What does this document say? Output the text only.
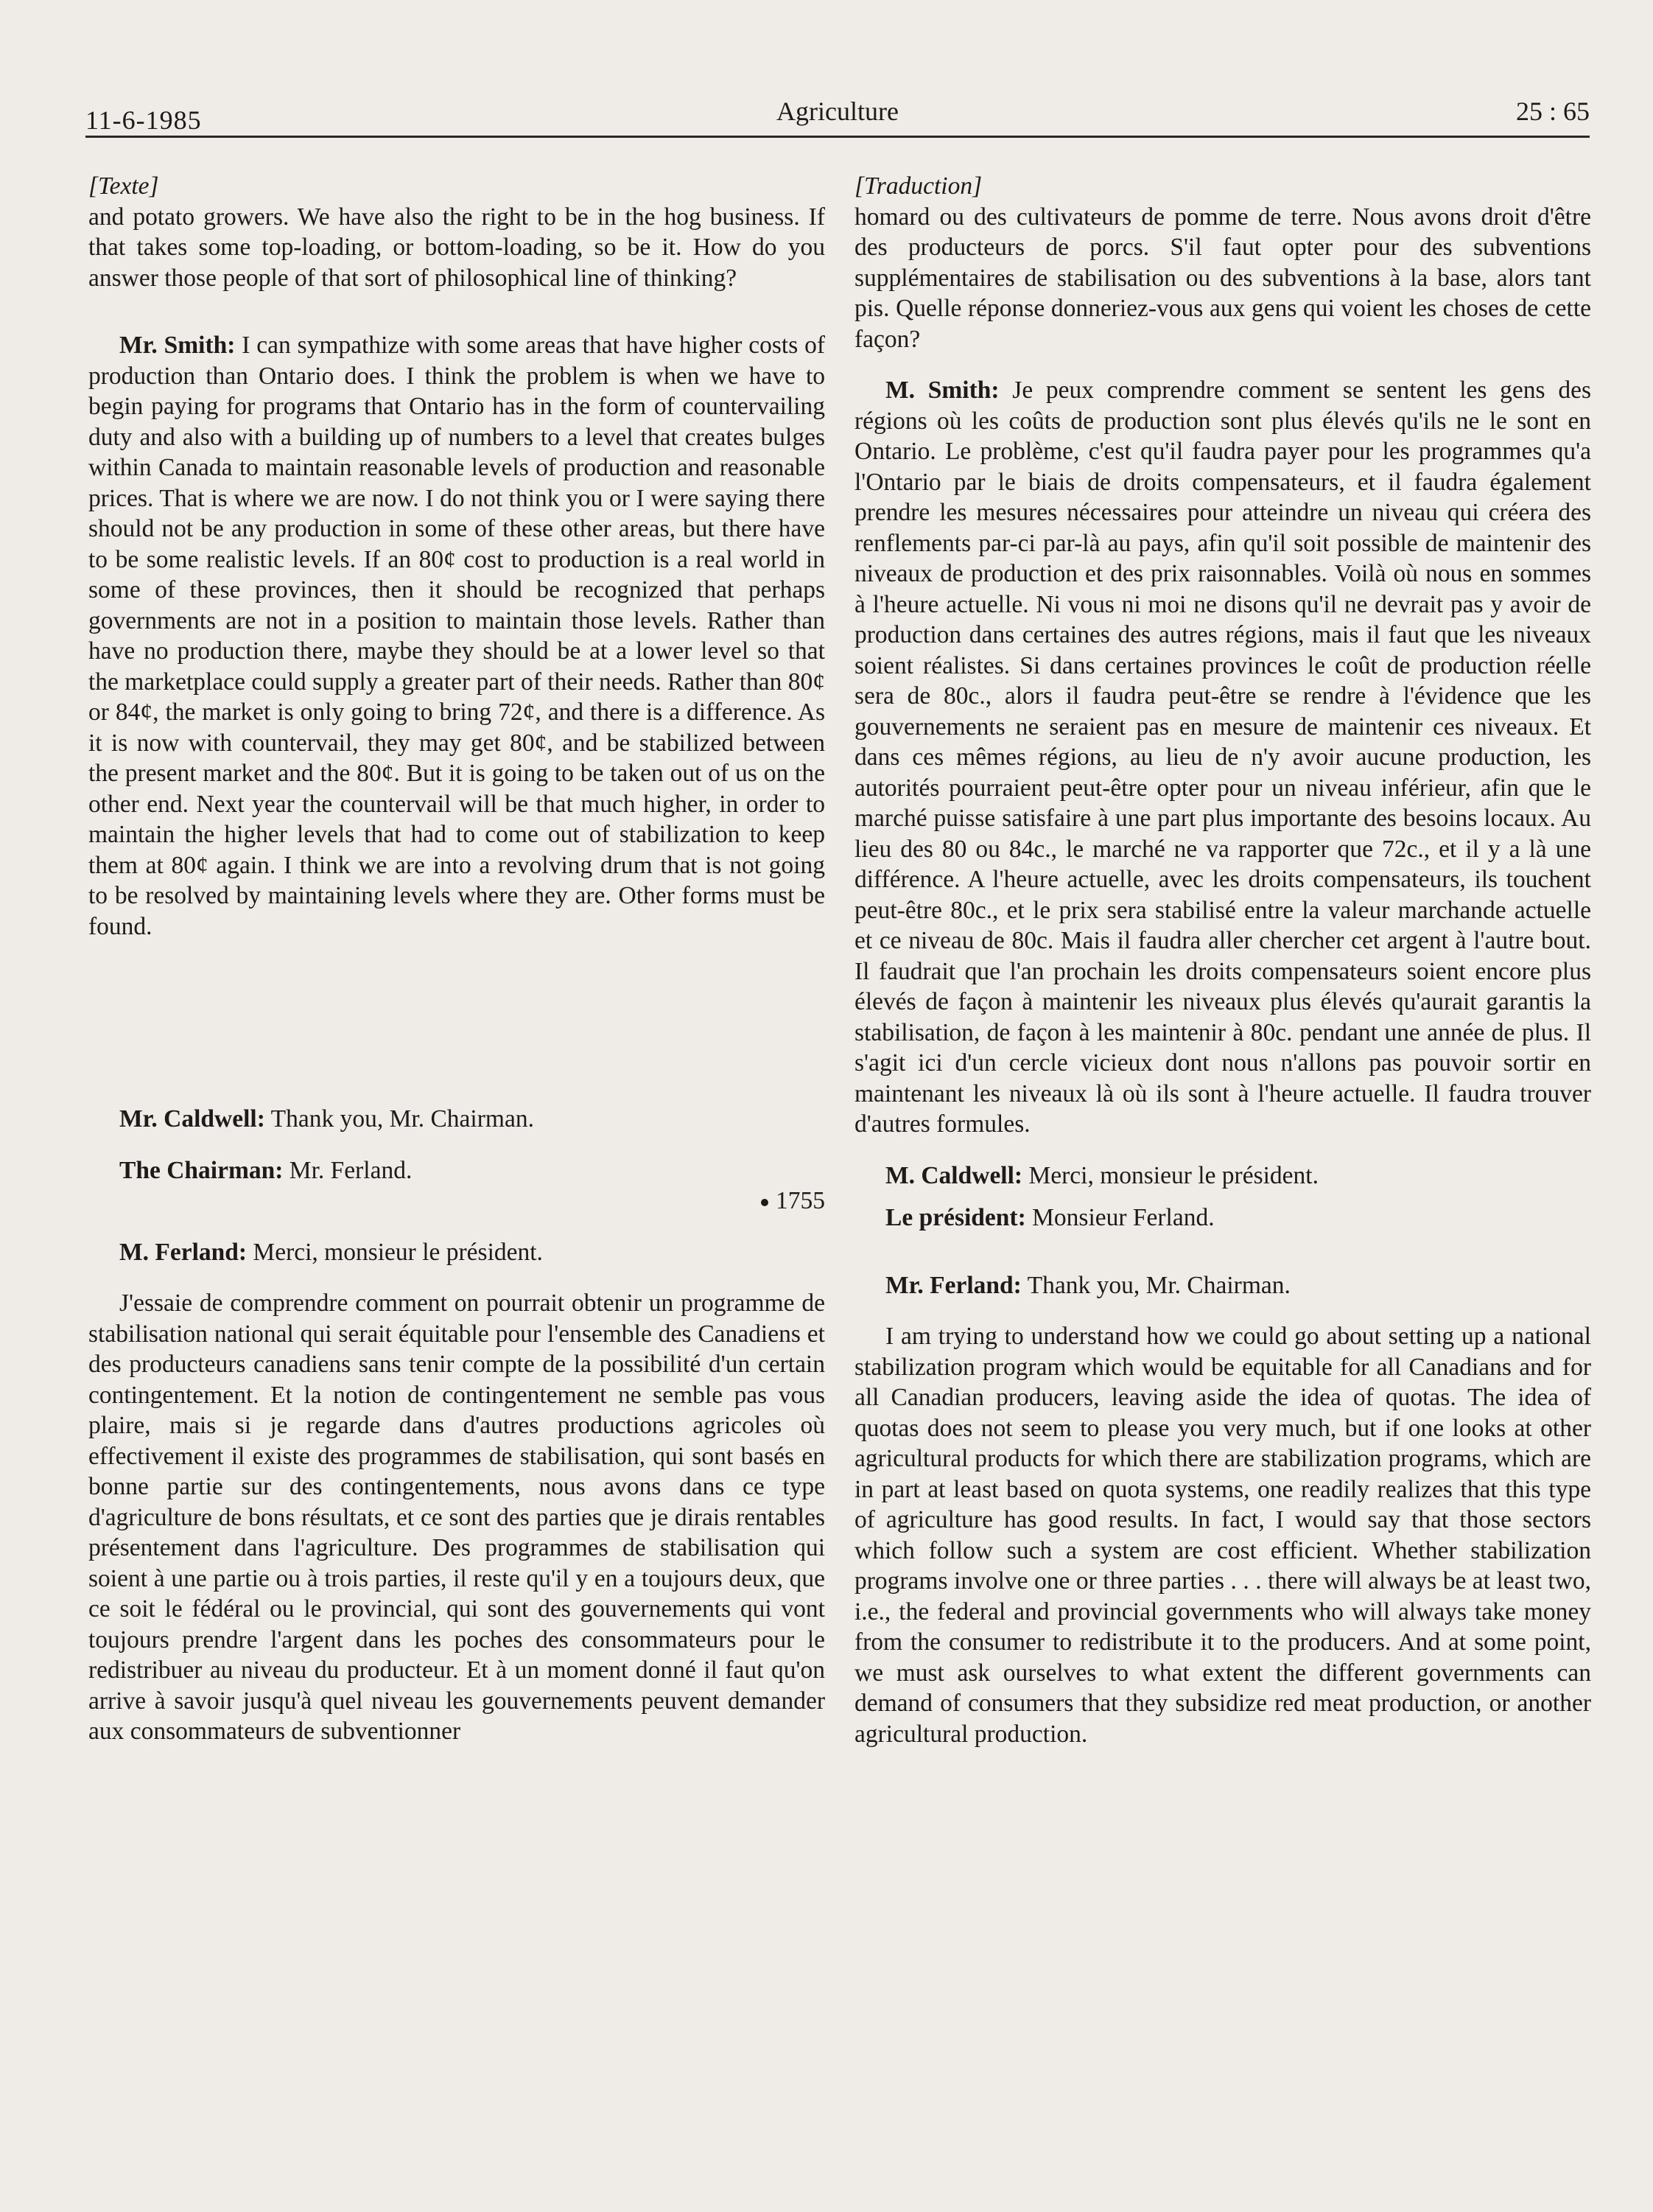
11-6-1985	Agriculture	25 : 65

[Texte]

and potato growers. We have also the right to be in the hog business. If that takes some top-loading, or bottom-loading, so be it. How do you answer those people of that sort of philosophical line of thinking?

Mr. Smith: I can sympathize with some areas that have higher costs of production than Ontario does. I think the problem is when we have to begin paying for programs that Ontario has in the form of countervailing duty and also with a building up of numbers to a level that creates bulges within Canada to maintain reasonable levels of production and reasonable prices. That is where we are now. I do not think you or I were saying there should not be any production in some of these other areas, but there have to be some realistic levels. If an 80¢ cost to production is a real world in some of these provinces, then it should be recognized that perhaps governments are not in a position to maintain those levels. Rather than have no production there, maybe they should be at a lower level so that the marketplace could supply a greater part of their needs. Rather than 80¢ or 84¢, the market is only going to bring 72¢, and there is a difference. As it is now with countervail, they may get 80¢, and be stabilized between the present market and the 80¢. But it is going to be taken out of us on the other end. Next year the countervail will be that much higher, in order to maintain the higher levels that had to come out of stabilization to keep them at 80¢ again. I think we are into a revolving drum that is not going to be resolved by maintaining levels where they are. Other forms must be found.

Mr. Caldwell: Thank you, Mr. Chairman.

The Chairman: Mr. Ferland.

1755

M. Ferland: Merci, monsieur le président.

J'essaie de comprendre comment on pourrait obtenir un programme de stabilisation national qui serait équitable pour l'ensemble des Canadiens et des producteurs canadiens sans tenir compte de la possibilité d'un certain contingentement. Et la notion de contingentement ne semble pas vous plaire, mais si je regarde dans d'autres productions agricoles où effectivement il existe des programmes de stabilisation, qui sont basés en bonne partie sur des contingentements, nous avons dans ce type d'agriculture de bons résultats, et ce sont des parties que je dirais rentables présentement dans l'agriculture. Des programmes de stabilisation qui soient à une partie ou à trois parties, il reste qu'il y en a toujours deux, que ce soit le fédéral ou le provincial, qui sont des gouvernements qui vont toujours prendre l'argent dans les poches des consommateurs pour le redistribuer au niveau du producteur. Et à un moment donné il faut qu'on arrive à savoir jusqu'à quel niveau les gouvernements peuvent demander aux consommateurs de subventionner

[Traduction]

homard ou des cultivateurs de pomme de terre. Nous avons droit d'être des producteurs de porcs. S'il faut opter pour des subventions supplémentaires de stabilisation ou des subventions à la base, alors tant pis. Quelle réponse donneriez-vous aux gens qui voient les choses de cette façon?

M. Smith: Je peux comprendre comment se sentent les gens des régions où les coûts de production sont plus élevés qu'ils ne le sont en Ontario. Le problème, c'est qu'il faudra payer pour les programmes qu'a l'Ontario par le biais de droits compensateurs, et il faudra également prendre les mesures nécessaires pour atteindre un niveau qui créera des renflements par-ci par-là au pays, afin qu'il soit possible de maintenir des niveaux de production et des prix raisonnables. Voilà où nous en sommes à l'heure actuelle. Ni vous ni moi ne disons qu'il ne devrait pas y avoir de production dans certaines des autres régions, mais il faut que les niveaux soient réalistes. Si dans certaines provinces le coût de production réelle sera de 80c., alors il faudra peut-être se rendre à l'évidence que les gouvernements ne seraient pas en mesure de maintenir ces niveaux. Et dans ces mêmes régions, au lieu de n'y avoir aucune production, les autorités pourraient peut-être opter pour un niveau inférieur, afin que le marché puisse satisfaire à une part plus importante des besoins locaux. Au lieu des 80 ou 84c., le marché ne va rapporter que 72c., et il y a là une différence. A l'heure actuelle, avec les droits compensateurs, ils touchent peut-être 80c., et le prix sera stabilisé entre la valeur marchande actuelle et ce niveau de 80c. Mais il faudra aller chercher cet argent à l'autre bout. Il faudrait que l'an prochain les droits compensateurs soient encore plus élevés de façon à maintenir les niveaux plus élevés qu'aurait garantis la stabilisation, de façon à les maintenir à 80c. pendant une année de plus. Il s'agit ici d'un cercle vicieux dont nous n'allons pas pouvoir sortir en maintenant les niveaux là où ils sont à l'heure actuelle. Il faudra trouver d'autres formules.

M. Caldwell: Merci, monsieur le président.

Le président: Monsieur Ferland.

Mr. Ferland: Thank you, Mr. Chairman.

I am trying to understand how we could go about setting up a national stabilization program which would be equitable for all Canadians and for all Canadian producers, leaving aside the idea of quotas. The idea of quotas does not seem to please you very much, but if one looks at other agricultural products for which there are stabilization programs, which are in part at least based on quota systems, one readily realizes that this type of agriculture has good results. In fact, I would say that those sectors which follow such a system are cost efficient. Whether stabilization programs involve one or three parties . . . there will always be at least two, i.e., the federal and provincial governments who will always take money from the consumer to redistribute it to the producers. And at some point, we must ask ourselves to what extent the different governments can demand of consumers that they subsidize red meat production, or another agricultural production.
